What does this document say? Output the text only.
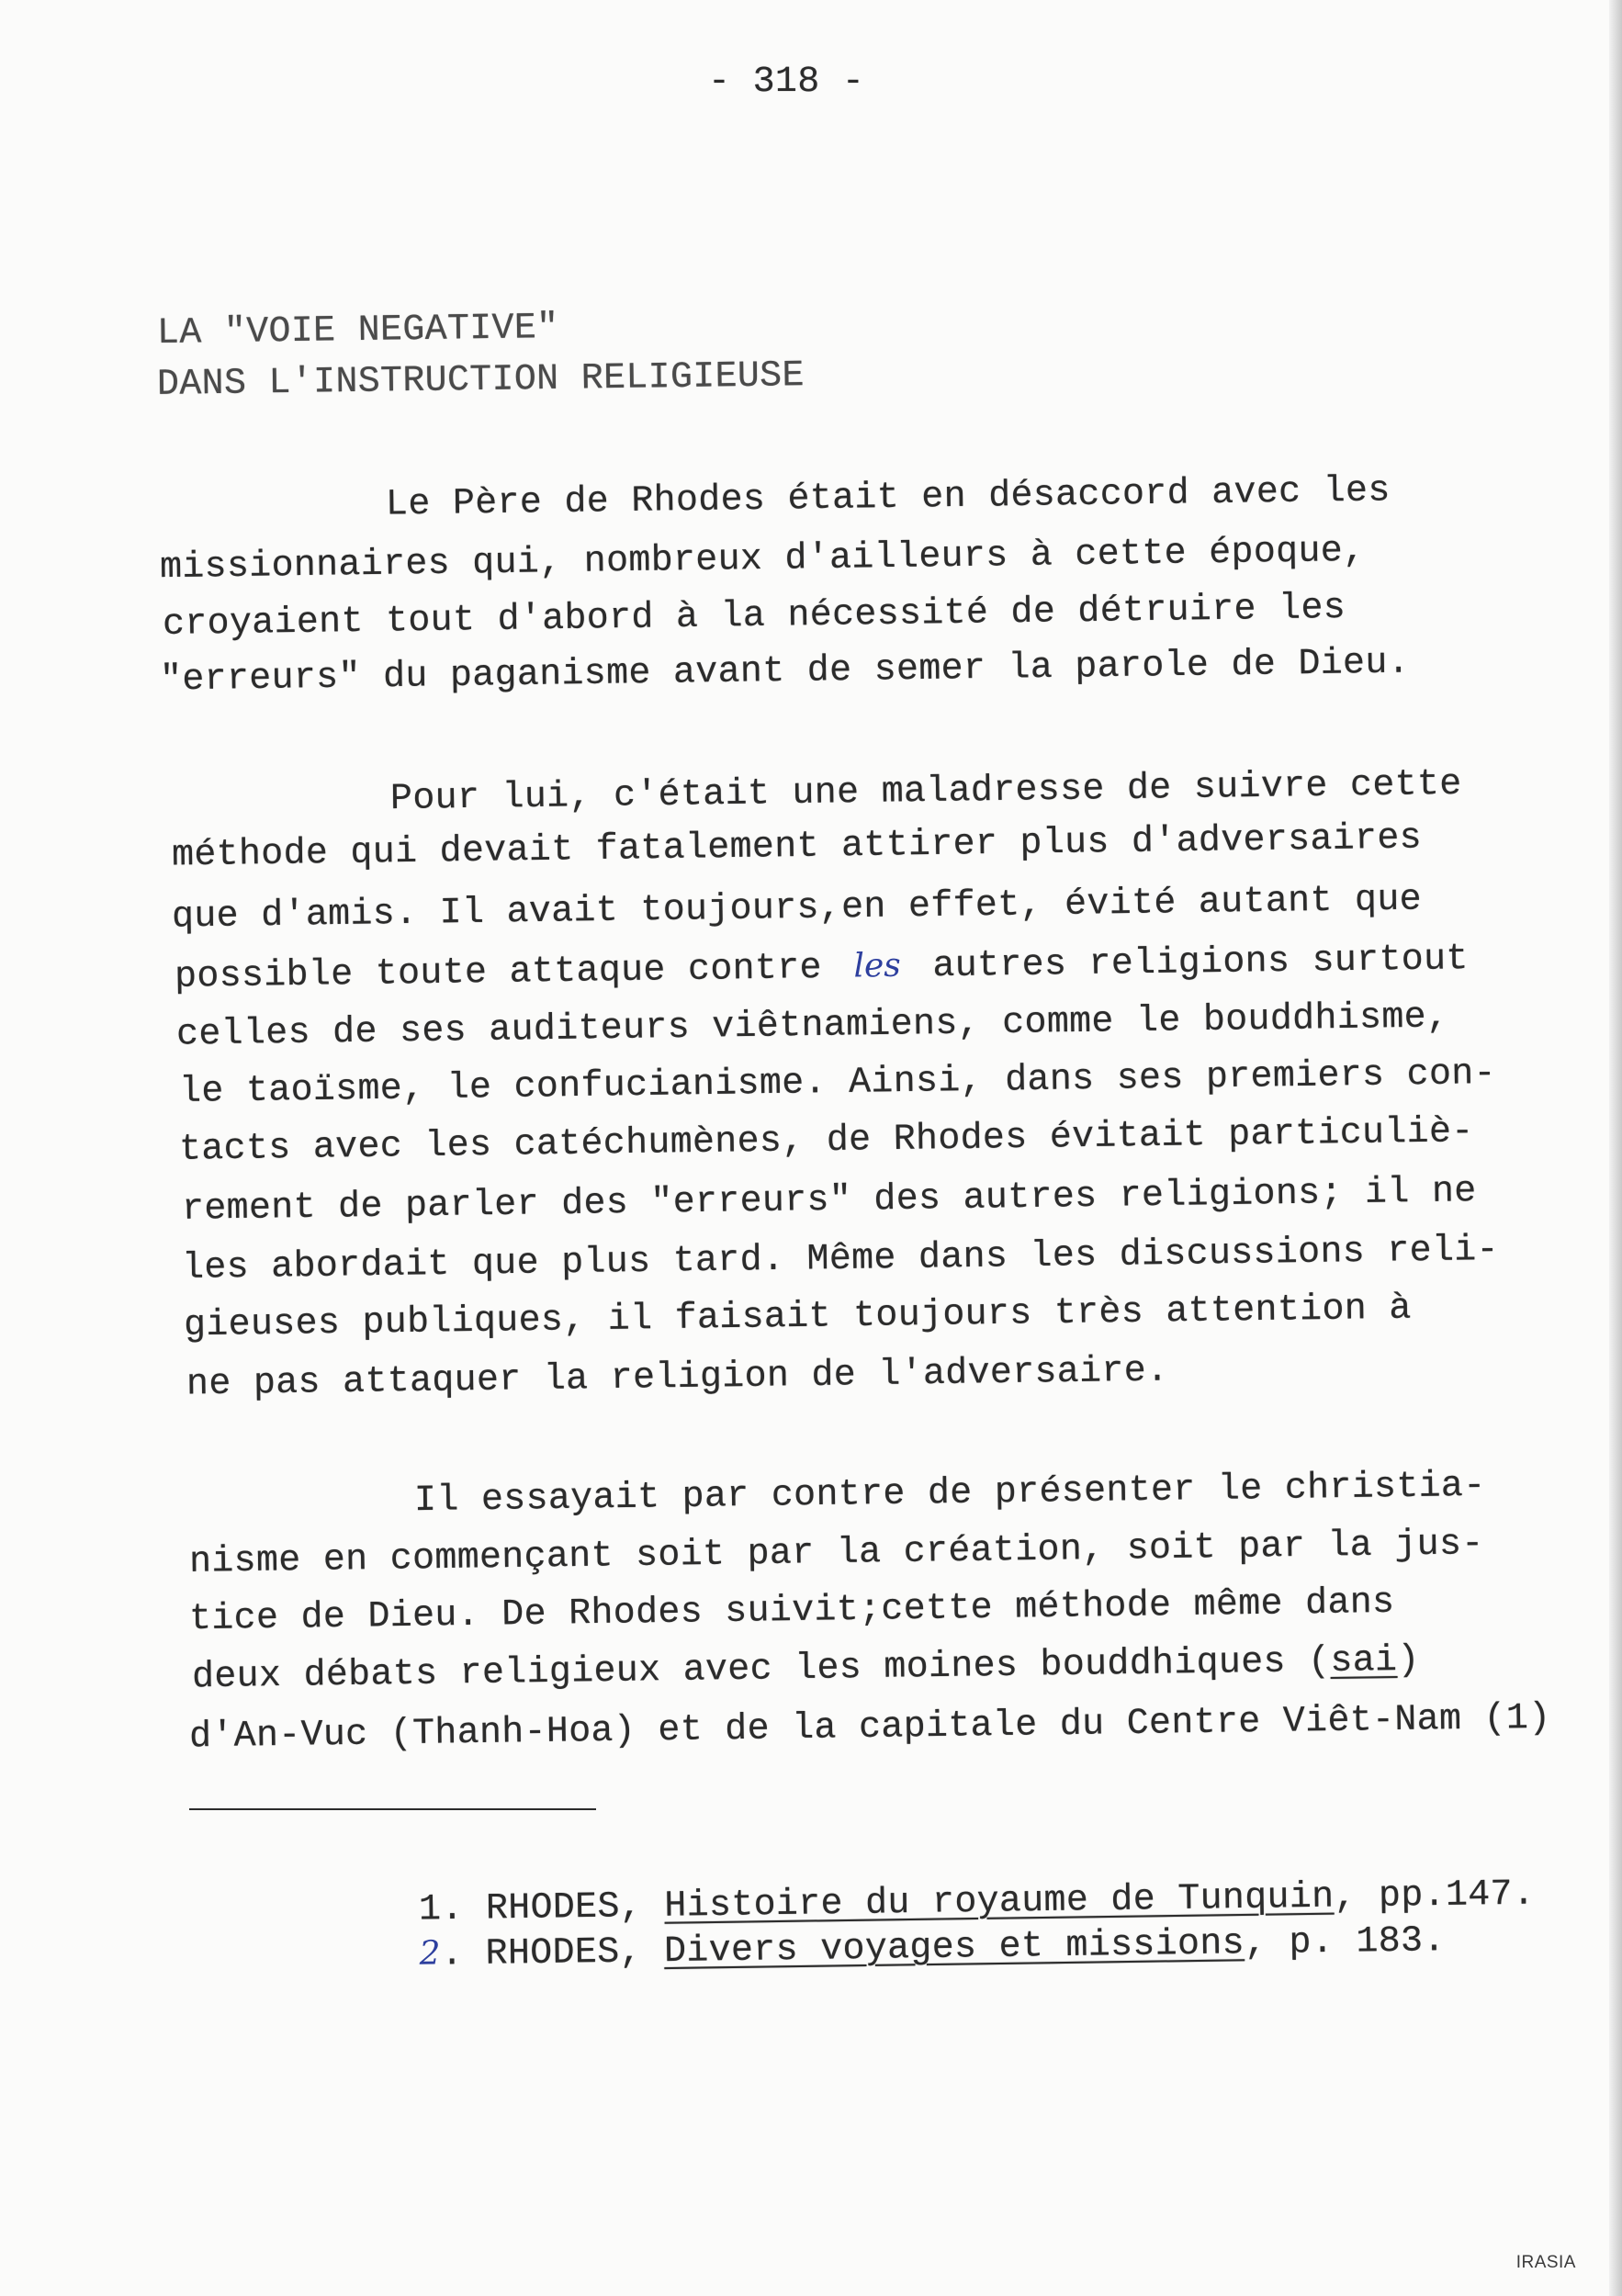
- 318 -
LA "VOIE NEGATIVE"
DANS L'INSTRUCTION RELIGIEUSE
Le Père de Rhodes était en désaccord avec les
missionnaires qui, nombreux d'ailleurs à cette époque,
croyaient tout d'abord à la nécessité de détruire les
"erreurs" du paganisme avant de semer la parole de Dieu.
Pour lui, c'était une maladresse de suivre cette
méthode qui devait fatalement attirer plus d'adversaires
que d'amis. Il avait toujours,en effet, évité autant que
possible toute attaque contre les autres religions surtout
celles de ses auditeurs viêtnamiens, comme le bouddhisme,
le taoïsme, le confucianisme. Ainsi, dans ses premiers con-
tacts avec les catéchumènes, de Rhodes évitait particuliè-
rement de parler des "erreurs" des autres religions; il ne
les abordait que plus tard. Même dans les discussions reli-
gieuses publiques, il faisait toujours très attention à
ne pas attaquer la religion de l'adversaire.
Il essayait par contre de présenter le christia-
nisme en commençant soit par la création, soit par la jus-
tice de Dieu. De Rhodes suivit;cette méthode même dans
deux débats religieux avec les moines bouddhiques (sai)
d'An-Vuc (Thanh-Hoa) et de la capitale du Centre Viêt-Nam (1)
1. RHODES, Histoire du royaume de Tunquin, pp.147.
2. RHODES, Divers voyages et missions, p. 183.
IRASIA
